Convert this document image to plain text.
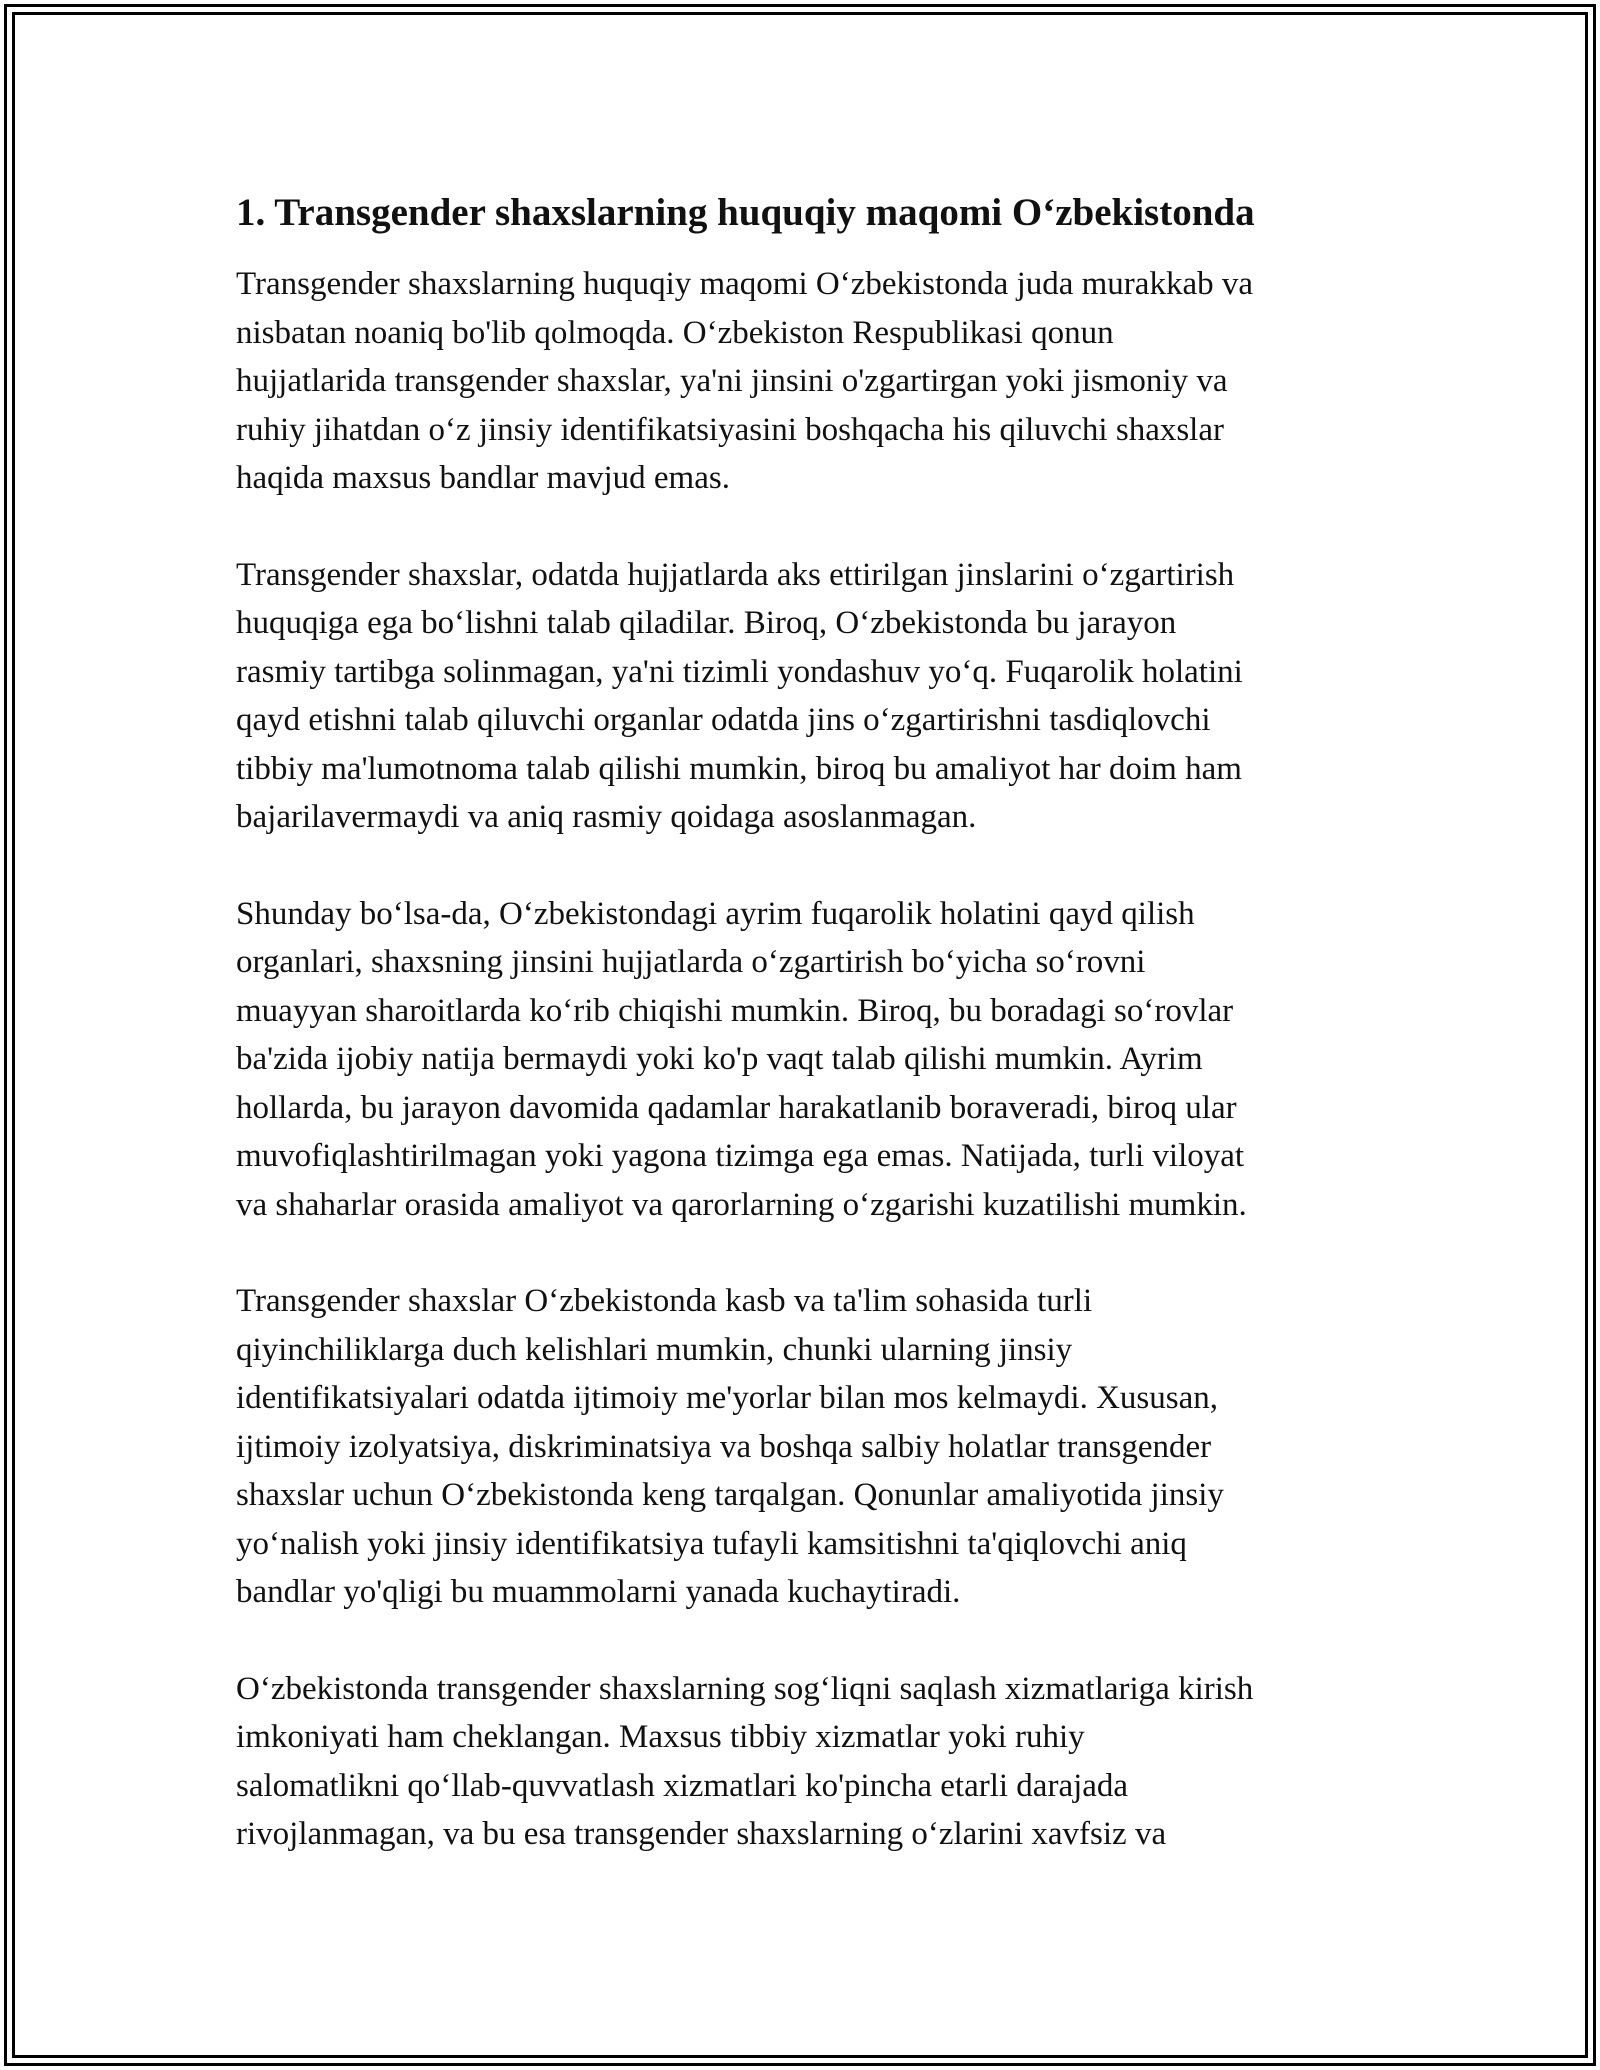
1. Transgender shaxslarning huquqiy maqomi O‘zbekistonda

Transgender shaxslarning huquqiy maqomi O‘zbekistonda juda murakkab va
nisbatan noaniq bo'lib qolmoqda. O‘zbekiston Respublikasi qonun
hujjatlarida transgender shaxslar, ya'ni jinsini o'zgartirgan yoki jismoniy va
ruhiy jihatdan o‘z jinsiy identifikatsiyasini boshqacha his qiluvchi shaxslar
haqida maxsus bandlar mavjud emas.

Transgender shaxslar, odatda hujjatlarda aks ettirilgan jinslarini o‘zgartirish
huquqiga ega bo‘lishni talab qiladilar. Biroq, O‘zbekistonda bu jarayon
rasmiy tartibga solinmagan, ya'ni tizimli yondashuv yo‘q. Fuqarolik holatini
qayd etishni talab qiluvchi organlar odatda jins o‘zgartirishni tasdiqlovchi
tibbiy ma'lumotnoma talab qilishi mumkin, biroq bu amaliyot har doim ham
bajarilavermaydi va aniq rasmiy qoidaga asoslanmagan.

Shunday bo‘lsa-da, O‘zbekistondagi ayrim fuqarolik holatini qayd qilish
organlari, shaxsning jinsini hujjatlarda o‘zgartirish bo‘yicha so‘rovni
muayyan sharoitlarda ko‘rib chiqishi mumkin. Biroq, bu boradagi so‘rovlar
ba'zida ijobiy natija bermaydi yoki ko'p vaqt talab qilishi mumkin. Ayrim
hollarda, bu jarayon davomida qadamlar harakatlanib boraveradi, biroq ular
muvofiqlashtirilmagan yoki yagona tizimga ega emas. Natijada, turli viloyat
va shaharlar orasida amaliyot va qarorlarning o‘zgarishi kuzatilishi mumkin.

Transgender shaxslar O‘zbekistonda kasb va ta'lim sohasida turli
qiyinchiliklarga duch kelishlari mumkin, chunki ularning jinsiy
identifikatsiyalari odatda ijtimoiy me'yorlar bilan mos kelmaydi. Xususan,
ijtimoiy izolyatsiya, diskriminatsiya va boshqa salbiy holatlar transgender
shaxslar uchun O‘zbekistonda keng tarqalgan. Qonunlar amaliyotida jinsiy
yo‘nalish yoki jinsiy identifikatsiya tufayli kamsitishni ta'qiqlovchi aniq
bandlar yo'qligi bu muammolarni yanada kuchaytiradi.

O‘zbekistonda transgender shaxslarning sog‘liqni saqlash xizmatlariga kirish
imkoniyati ham cheklangan. Maxsus tibbiy xizmatlar yoki ruhiy
salomatlikni qo‘llab-quvvatlash xizmatlari ko'pincha etarli darajada
rivojlanmagan, va bu esa transgender shaxslarning o‘zlarini xavfsiz va
